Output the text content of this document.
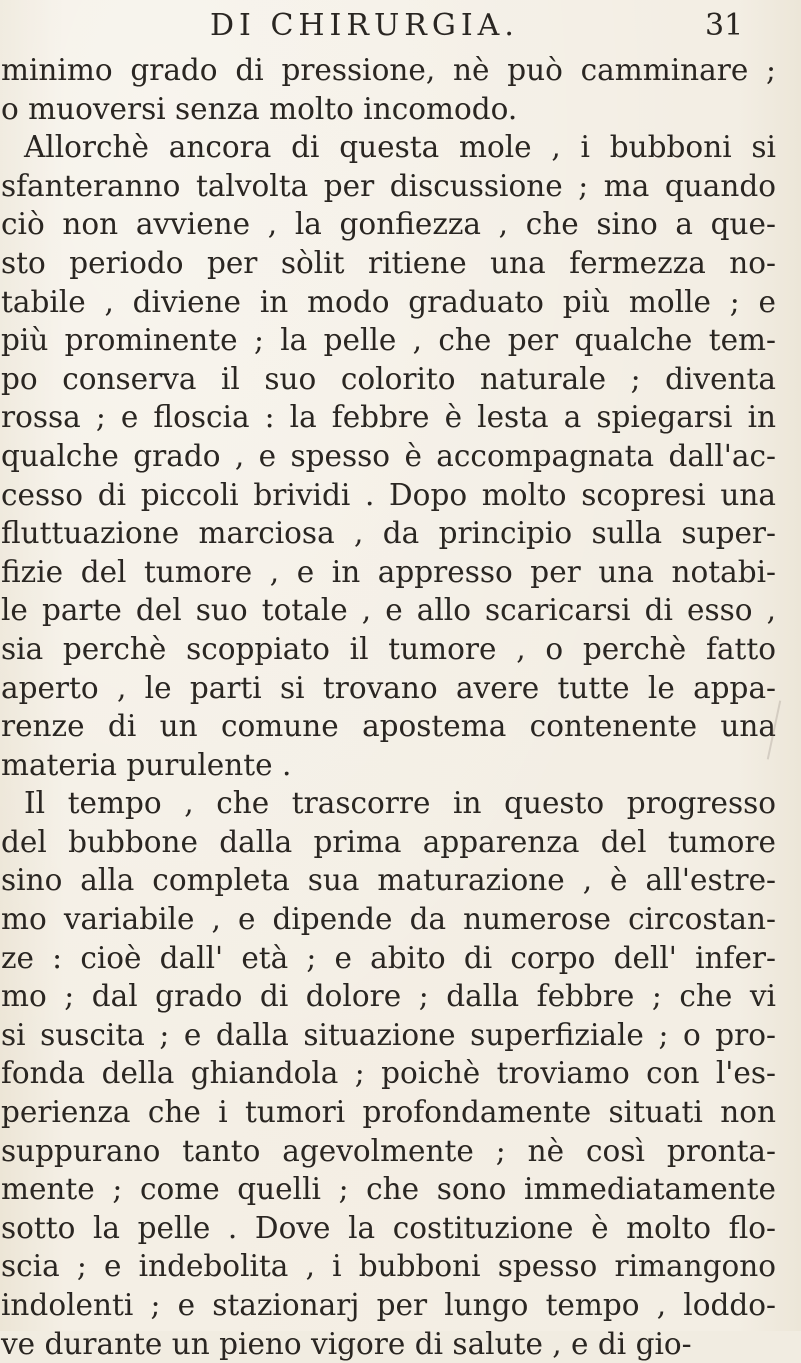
DI CHIRURGIA.	31
minimo grado di pressione, nè può camminare ;
o muoversi senza molto incomodo.
Allorchè ancora di questa mole , i bubboni si
sfanteranno talvolta per discussione ; ma quando
ciò non avviene , la gonfiezza , che sino a que-
sto periodo per sòlit ritiene una fermezza no-
tabile , diviene in modo graduato più molle ; e
più prominente ; la pelle , che per qualche tem-
po conserva il suo colorito naturale ; diventa
rossa ; e floscia : la febbre è lesta a spiegarsi in
qualche grado , e spesso è accompagnata dall'ac-
cesso di piccoli brividi . Dopo molto scopresi una
fluttuazione marciosa , da principio sulla super-
fizie del tumore , e in appresso per una notabi-
le parte del suo totale , e allo scaricarsi di esso ,
sia perchè scoppiato il tumore , o perchè fatto
aperto , le parti si trovano avere tutte le appa-
renze di un comune apostema contenente una
materia purulente .
Il tempo , che trascorre in questo progresso
del bubbone dalla prima apparenza del tumore
sino alla completa sua maturazione , è all'estre-
mo variabile , e dipende da numerose circostan-
ze : cioè dall' età ; e abito di corpo dell' infer-
mo ; dal grado di dolore ; dalla febbre ; che vi
si suscita ; e dalla situazione superfiziale ; o pro-
fonda della ghiandola ; poichè troviamo con l'es-
perienza che i tumori profondamente situati non
suppurano tanto agevolmente ; nè così pronta-
mente ; come quelli ; che sono immediatamente
sotto la pelle . Dove la costituzione è molto flo-
scia ; e indebolita , i bubboni spesso rimangono
indolenti ; e stazionarj per lungo tempo , loddo-
ve durante un pieno vigore di salute , e di gio-
